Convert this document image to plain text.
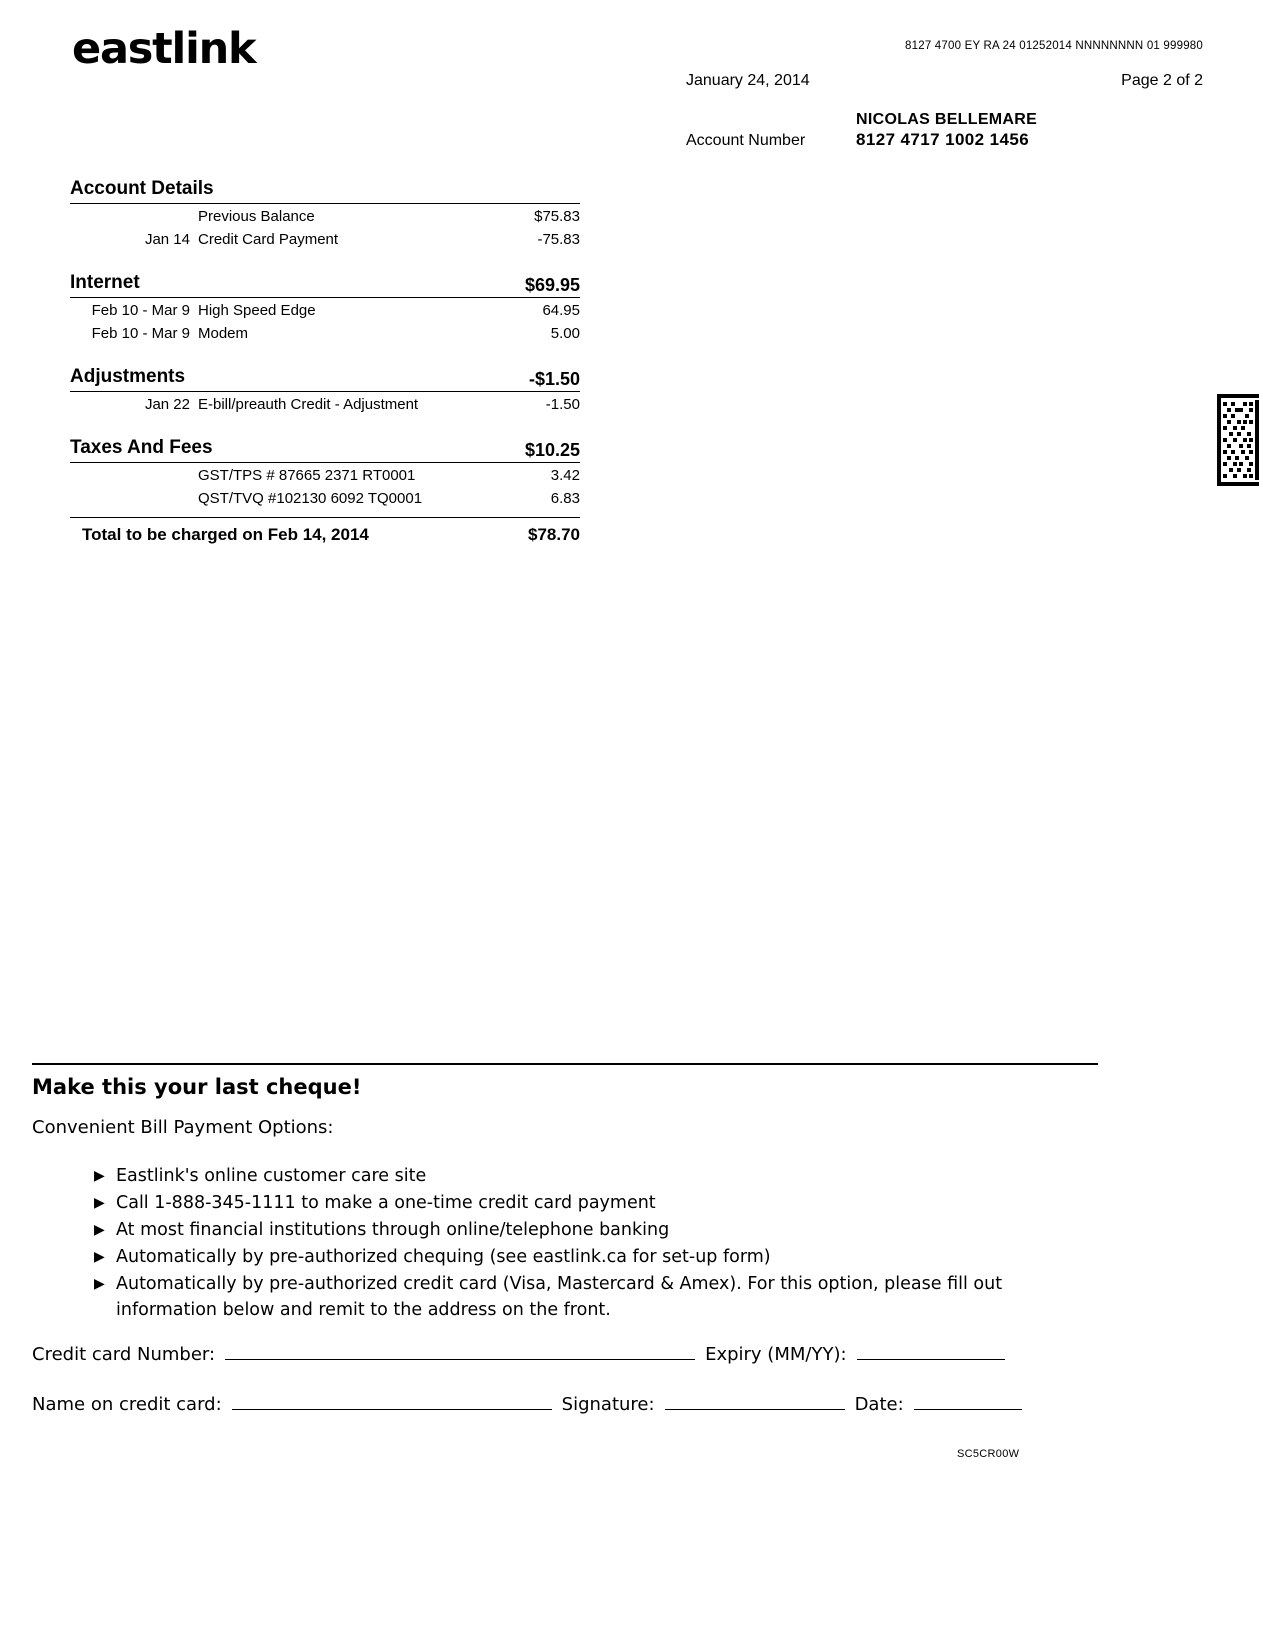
eastlink	8127 4700 EY RA 24 01252014 NNNNNNNN 01 999980
January 24, 2014	Page 2 of 2
NICOLAS BELLEMARE
Account Number	8127 4717 1002 1456
Account Details
Previous Balance	$75.83
Jan 14 Credit Card Payment	-75.83
Internet	$69.95
Feb 10 - Mar 9 High Speed Edge	64.95
Feb 10 - Mar 9 Modem	5.00
Adjustments	-$1.50
Jan 22 E-bill/preauth Credit - Adjustment	-1.50
Taxes And Fees	$10.25
GST/TPS # 87665 2371 RT0001	3.42
QST/TVQ #102130 6092 TQ0001	6.83
Total to be charged on Feb 14, 2014	$78.70
Make this your last cheque!
Convenient Bill Payment Options:
▶ Eastlink's online customer care site
▶ Call 1-888-345-1111 to make a one-time credit card payment
▶ At most financial institutions through online/telephone banking
▶ Automatically by pre-authorized chequing (see eastlink.ca for set-up form)
▶ Automatically by pre-authorized credit card (Visa, Mastercard & Amex). For this option, please fill out information below and remit to the address on the front.
Credit card Number:	Expiry (MM/YY):
Name on credit card:	Signature:	Date:
SC5CR00W
